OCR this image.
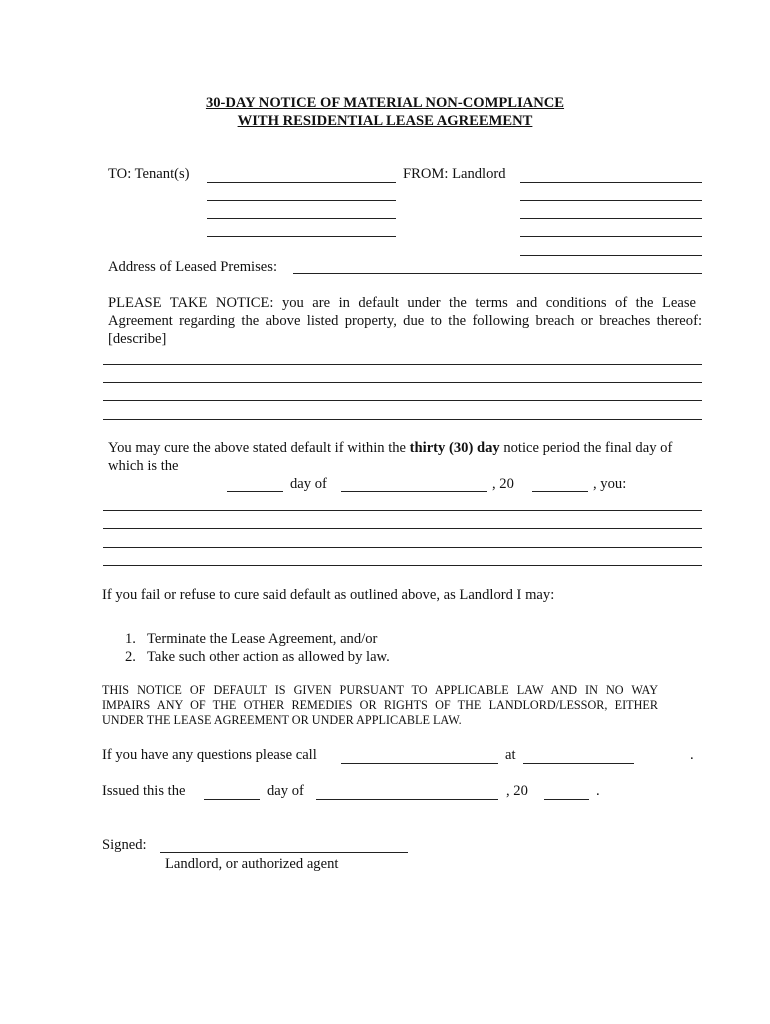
30-DAY NOTICE OF MATERIAL NON-COMPLIANCE
WITH RESIDENTIAL LEASE AGREEMENT
TO: Tenant(s)	FROM: Landlord
Address of Leased Premises:
PLEASE TAKE NOTICE: you are in default under the terms and conditions of the Lease
Agreement regarding the above listed property, due to the following breach or breaches thereof:
[describe]
You may cure the above stated default if within the thirty (30) day notice period the final day of
which is the
day of	, 20	, you:
If you fail or refuse to cure said default as outlined above, as Landlord I may:
1. Terminate the Lease Agreement, and/or
2. Take such other action as allowed by law.
THIS NOTICE OF DEFAULT IS GIVEN PURSUANT TO APPLICABLE LAW AND IN NO WAY
IMPAIRS ANY OF THE OTHER REMEDIES OR RIGHTS OF THE LANDLORD/LESSOR, EITHER
UNDER THE LEASE AGREEMENT OR UNDER APPLICABLE LAW.
If you have any questions please call	at	.
Issued this the	day of	, 20	.
Signed:
Landlord, or authorized agent
